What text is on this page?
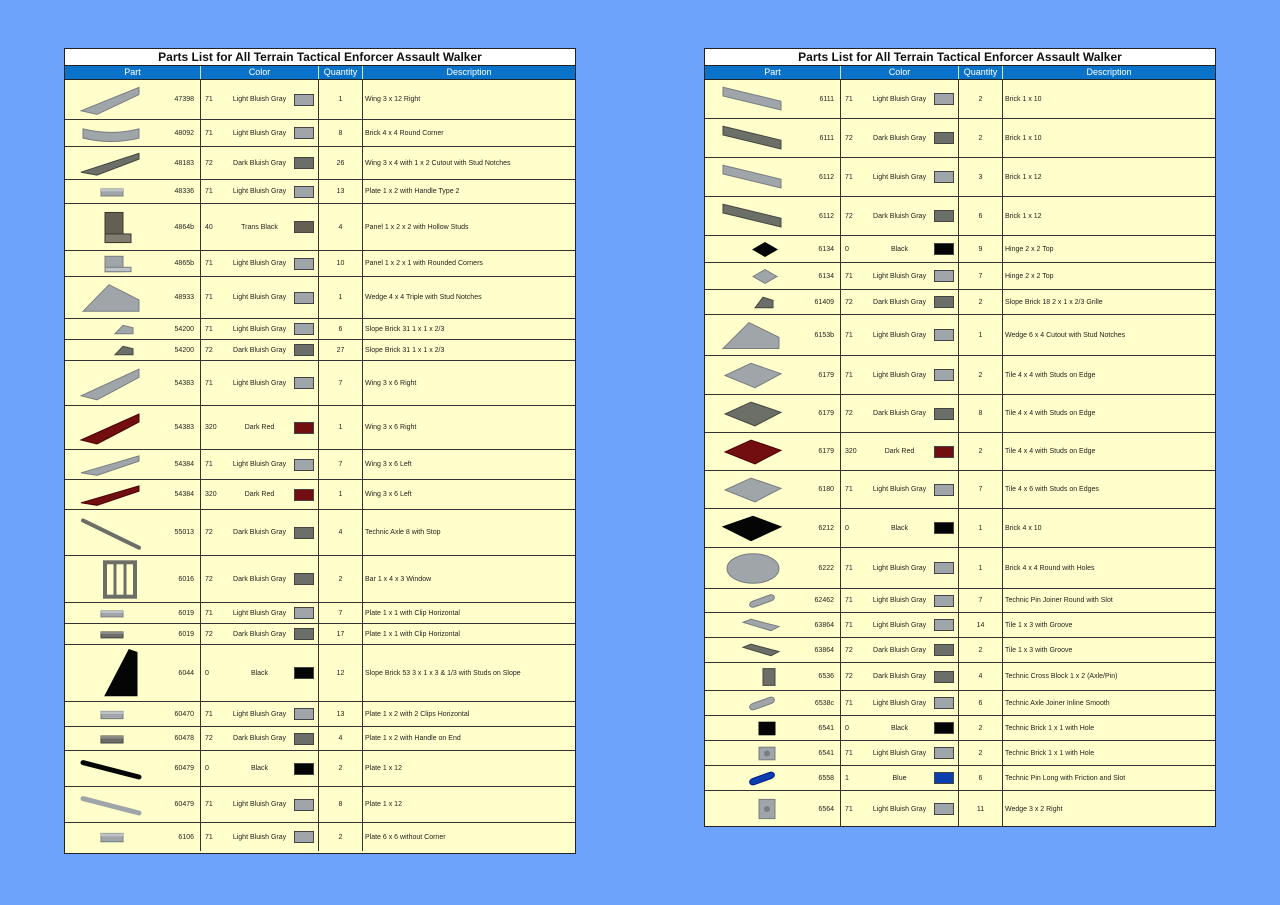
Parts List for All Terrain Tactical Enforcer Assault Walker
Part	Color	Quantity	Description
47398 71	Light Bluish Gray	1	Wing 3 x 12 Right
48092 71	Light Bluish Gray	8	Brick 4 x 4 Round Corner
48183 72	Dark Bluish Gray	26	Wing 3 x 4 with 1 x 2 Cutout with Stud Notches
48336 71	Light Bluish Gray	13	Plate 1 x 2 with Handle Type 2
4864b 40	Trans Black	4	Panel 1 x 2 x 2 with Hollow Studs
4865b 71	Light Bluish Gray	10	Panel 1 x 2 x 1 with Rounded Corners
48933 71	Light Bluish Gray	1	Wedge 4 x 4 Triple with Stud Notches
54200 71	Light Bluish Gray	6	Slope Brick 31 1 x 1 x 2/3
54200 72	Dark Bluish Gray	27	Slope Brick 31 1 x 1 x 2/3
54383 71	Light Bluish Gray	7	Wing 3 x 6 Right
54383 320	Dark Red	1	Wing 3 x 6 Right
54384 71	Light Bluish Gray	7	Wing 3 x 6 Left
54384 320	Dark Red	1	Wing 3 x 6 Left
55013 72	Dark Bluish Gray	4	Technic Axle 8 with Stop
6016 72	Dark Bluish Gray	2	Bar 1 x 4 x 3 Window
6019 71	Light Bluish Gray	7	Plate 1 x 1 with Clip Horizontal
6019 72	Dark Bluish Gray	17	Plate 1 x 1 with Clip Horizontal
6044 0	Black	12	Slope Brick 53 3 x 1 x 3 & 1/3 with Studs on Slope
60470 71	Light Bluish Gray	13	Plate 1 x 2 with 2 Clips Horizontal
60478 72	Dark Bluish Gray	4	Plate 1 x 2 with Handle on End
60479 0	Black	2	Plate 1 x 12
60479 71	Light Bluish Gray	8	Plate 1 x 12
6106 71	Light Bluish Gray	2	Plate 6 x 6 without Corner
Parts List for All Terrain Tactical Enforcer Assault Walker
Part	Color	Quantity	Description
6111 71	Light Bluish Gray	2	Brick 1 x 10
6111 72	Dark Bluish Gray	2	Brick 1 x 10
6112 71	Light Bluish Gray	3	Brick 1 x 12
6112 72	Dark Bluish Gray	6	Brick 1 x 12
6134 0	Black	9	Hinge 2 x 2 Top
6134 71	Light Bluish Gray	7	Hinge 2 x 2 Top
61409 72	Dark Bluish Gray	2	Slope Brick 18 2 x 1 x 2/3 Grille
6153b 71	Light Bluish Gray	1	Wedge 6 x 4 Cutout with Stud Notches
6179 71	Light Bluish Gray	2	Tile 4 x 4 with Studs on Edge
6179 72	Dark Bluish Gray	8	Tile 4 x 4 with Studs on Edge
6179 320	Dark Red	2	Tile 4 x 4 with Studs on Edge
6180 71	Light Bluish Gray	7	Tile 4 x 6 with Studs on Edges
6212 0	Black	1	Brick 4 x 10
6222 71	Light Bluish Gray	1	Brick 4 x 4 Round with Holes
62462 71	Light Bluish Gray	7	Technic Pin Joiner Round with Slot
63864 71	Light Bluish Gray	14	Tile 1 x 3 with Groove
63864 72	Dark Bluish Gray	2	Tile 1 x 3 with Groove
6536 72	Dark Bluish Gray	4	Technic Cross Block 1 x 2 (Axle/Pin)
6538c 71	Light Bluish Gray	6	Technic Axle Joiner Inline Smooth
6541 0	Black	2	Technic Brick 1 x 1 with Hole
6541 71	Light Bluish Gray	2	Technic Brick 1 x 1 with Hole
6558 1	Blue	6	Technic Pin Long with Friction and Slot
6564 71	Light Bluish Gray	11	Wedge 3 x 2 Right
